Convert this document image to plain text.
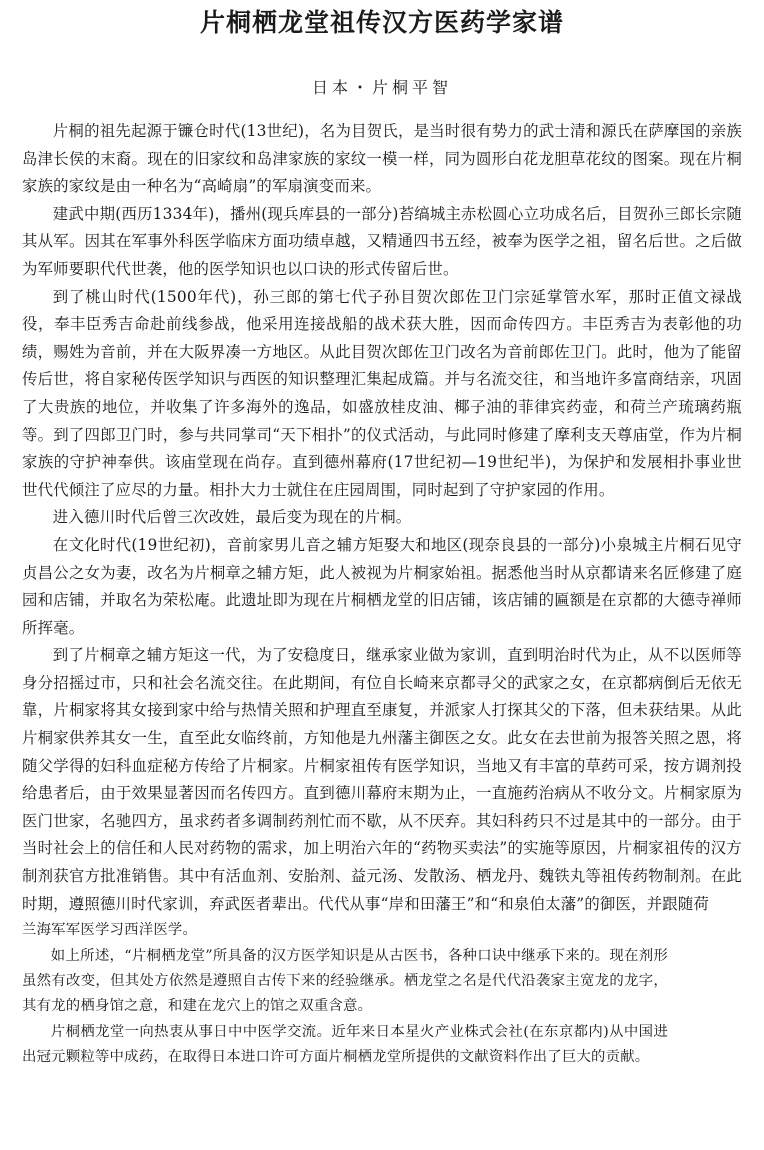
片桐栖龙堂祖传汉方医药学家谱
日本・片桐平智

片桐的祖先起源于镰仓时代(13世纪)，名为目贺氏，是当时很有势力的武士清和源氏在萨摩国的亲族岛津长侯的末裔。现在的旧家纹和岛津家族的家纹一模一样，同为圆形白花龙胆草花纹的图案。现在片桐家族的家纹是由一种名为“高崎扇”的军扇演变而来。

建武中期(西历1334年)，播州(现兵库县的一部分)苔缟城主赤松圆心立功成名后，目贺孙三郎长宗随其从军。因其在军事外科医学临床方面功绩卓越，又精通四书五经，被奉为医学之祖，留名后世。之后做为军师要职代代世袭，他的医学知识也以口诀的形式传留后世。

到了桃山时代(1500年代)，孙三郎的第七代子孙目贺次郎佐卫门宗延掌管水军，那时正值文禄战役，奉丰臣秀吉命赴前线参战，他采用连接战船的战术获大胜，因而命传四方。丰臣秀吉为表彰他的功绩，赐姓为音前，并在大阪界凑一方地区。从此目贺次郎佐卫门改名为音前郎佐卫门。此时，他为了能留传后世，将自家秘传医学知识与西医的知识整理汇集起成篇。并与名流交往，和当地许多富商结亲，巩固了大贵族的地位，并收集了许多海外的逸品，如盛放桂皮油、椰子油的菲律宾药壶，和荷兰产琉璃药瓶等。到了四郎卫门时，参与共同掌司“天下相扑”的仪式活动，与此同时修建了摩利支天尊庙堂，作为片桐家族的守护神奉供。该庙堂现在尚存。直到德州幕府(17世纪初—19世纪半)，为保护和发展相扑事业世世代代倾注了应尽的力量。相扑大力士就住在庄园周围，同时起到了守护家园的作用。

进入德川时代后曾三次改姓，最后变为现在的片桐。

在文化时代(19世纪初)，音前家男儿音之辅方矩娶大和地区(现奈良县的一部分)小泉城主片桐石见守贞昌公之女为妻，改名为片桐章之辅方矩，此人被视为片桐家始祖。据悉他当时从京都请来名匠修建了庭园和店铺，并取名为荣松庵。此遗址即为现在片桐栖龙堂的旧店铺，该店铺的匾额是在京都的大德寺禅师所挥毫。

到了片桐章之辅方矩这一代，为了安稳度日，继承家业做为家训，直到明治时代为止，从不以医师等身分招摇过市，只和社会名流交往。在此期间，有位自长崎来京都寻父的武家之女，在京都病倒后无依无靠，片桐家将其女接到家中给与热情关照和护理直至康复，并派家人打探其父的下落，但未获结果。从此片桐家供养其女一生，直至此女临终前，方知他是九州藩主御医之女。此女在去世前为报答关照之恩，将随父学得的妇科血症秘方传给了片桐家。片桐家祖传有医学知识，当地又有丰富的草药可采，按方调剂投给患者后，由于效果显著因而名传四方。直到德川幕府末期为止，一直施药治病从不收分文。片桐家原为医门世家，名驰四方，虽求药者多调制药剂忙而不歇，从不厌弃。其妇科药只不过是其中的一部分。由于当时社会上的信任和人民对药物的需求，加上明治六年的“药物买卖法”的实施等原因，片桐家祖传的汉方制剂获官方批准销售。其中有活血剂、安胎剂、益元汤、发散汤、栖龙丹、魏铁丸等祖传药物制剂。在此时期，遵照德川时代家训，弃武医者辈出。代代从事“岸和田藩王”和“和泉伯太藩”的御医，并跟随荷

兰海军军医学习西洋医学。

如上所述，“片桐栖龙堂”所具备的汉方医学知识是从古医书，各种口诀中继承下来的。现在剂形虽然有改变，但其处方依然是遵照自古传下来的经验继承。栖龙堂之名是代代沿袭家主宽龙的龙字，其有龙的栖身馆之意，和建在龙穴上的馆之双重含意。

片桐栖龙堂一向热衷从事日中中医学交流。近年来日本星火产业株式会社(在东京都内)从中国进出冠元颗粒等中成药，在取得日本进口许可方面片桐栖龙堂所提供的文献资料作出了巨大的贡献。
